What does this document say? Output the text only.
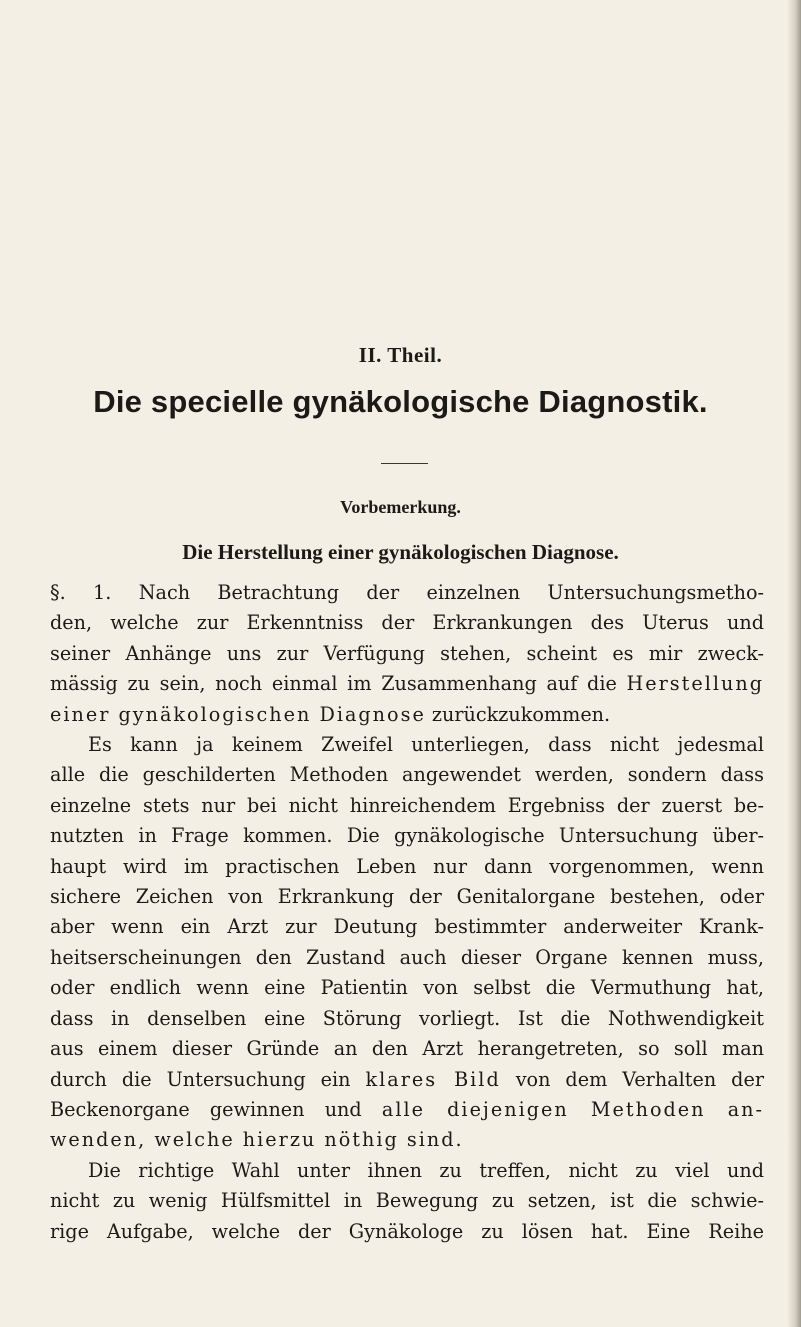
II. Theil.
Die specielle gynäkologische Diagnostik.
Vorbemerkung.
Die Herstellung einer gynäkologischen Diagnose.
§. 1. Nach Betrachtung der einzelnen Untersuchungsmetho-
den, welche zur Erkenntniss der Erkrankungen des Uterus und
seiner Anhänge uns zur Verfügung stehen, scheint es mir zweck-
mässig zu sein, noch einmal im Zusammenhang auf die Herstellung
einer gynäkologischen Diagnose zurückzukommen.
Es kann ja keinem Zweifel unterliegen, dass nicht jedesmal
alle die geschilderten Methoden angewendet werden, sondern dass
einzelne stets nur bei nicht hinreichendem Ergebniss der zuerst be-
nutzten in Frage kommen. Die gynäkologische Untersuchung über-
haupt wird im practischen Leben nur dann vorgenommen, wenn
sichere Zeichen von Erkrankung der Genitalorgane bestehen, oder
aber wenn ein Arzt zur Deutung bestimmter anderweiter Krank-
heitserscheinungen den Zustand auch dieser Organe kennen muss,
oder endlich wenn eine Patientin von selbst die Vermuthung hat,
dass in denselben eine Störung vorliegt. Ist die Nothwendigkeit
aus einem dieser Gründe an den Arzt herangetreten, so soll man
durch die Untersuchung ein klares Bild von dem Verhalten der
Beckenorgane gewinnen und alle diejenigen Methoden an-
wenden, welche hierzu nöthig sind.
Die richtige Wahl unter ihnen zu treffen, nicht zu viel und
nicht zu wenig Hülfsmittel in Bewegung zu setzen, ist die schwie-
rige Aufgabe, welche der Gynäkologe zu lösen hat. Eine Reihe
